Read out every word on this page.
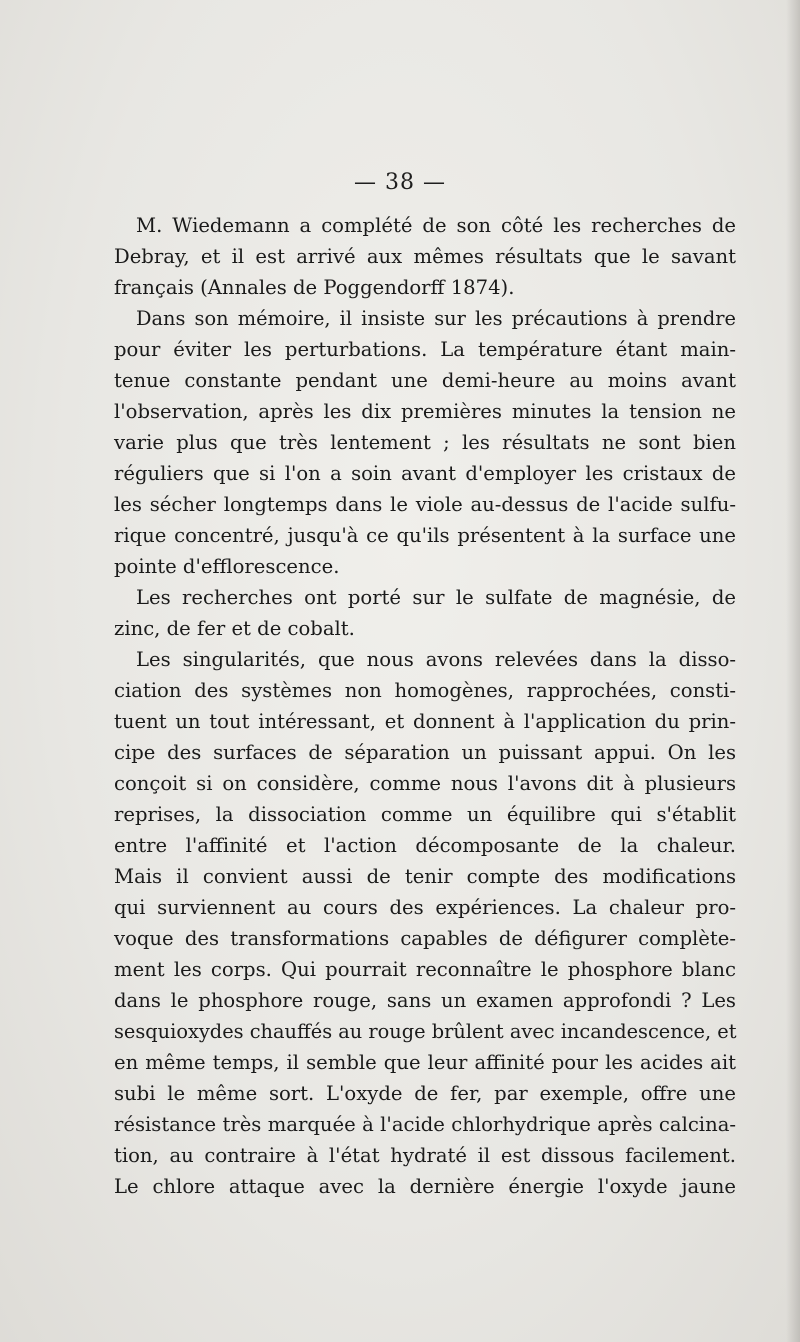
— 38 —
M. Wiedemann a complété de son côté les recherches de
Debray, et il est arrivé aux mêmes résultats que le savant
français (Annales de Poggendorff 1874).
Dans son mémoire, il insiste sur les précautions à prendre
pour éviter les perturbations. La température étant main-
tenue constante pendant une demi-heure au moins avant
l'observation, après les dix premières minutes la tension ne
varie plus que très lentement ; les résultats ne sont bien
réguliers que si l'on a soin avant d'employer les cristaux de
les sécher longtemps dans le viole au-dessus de l'acide sulfu-
rique concentré, jusqu'à ce qu'ils présentent à la surface une
pointe d'efflorescence.
Les recherches ont porté sur le sulfate de magnésie, de
zinc, de fer et de cobalt.
Les singularités, que nous avons relevées dans la disso-
ciation des systèmes non homogènes, rapprochées, consti-
tuent un tout intéressant, et donnent à l'application du prin-
cipe des surfaces de séparation un puissant appui. On les
conçoit si on considère, comme nous l'avons dit à plusieurs
reprises, la dissociation comme un équilibre qui s'établit
entre l'affinité et l'action décomposante de la chaleur.
Mais il convient aussi de tenir compte des modifications
qui surviennent au cours des expériences. La chaleur pro-
voque des transformations capables de défigurer complète-
ment les corps. Qui pourrait reconnaître le phosphore blanc
dans le phosphore rouge, sans un examen approfondi ? Les
sesquioxydes chauffés au rouge brûlent avec incandescence, et
en même temps, il semble que leur affinité pour les acides ait
subi le même sort. L'oxyde de fer, par exemple, offre une
résistance très marquée à l'acide chlorhydrique après calcina-
tion, au contraire à l'état hydraté il est dissous facilement.
Le chlore attaque avec la dernière énergie l'oxyde jaune
